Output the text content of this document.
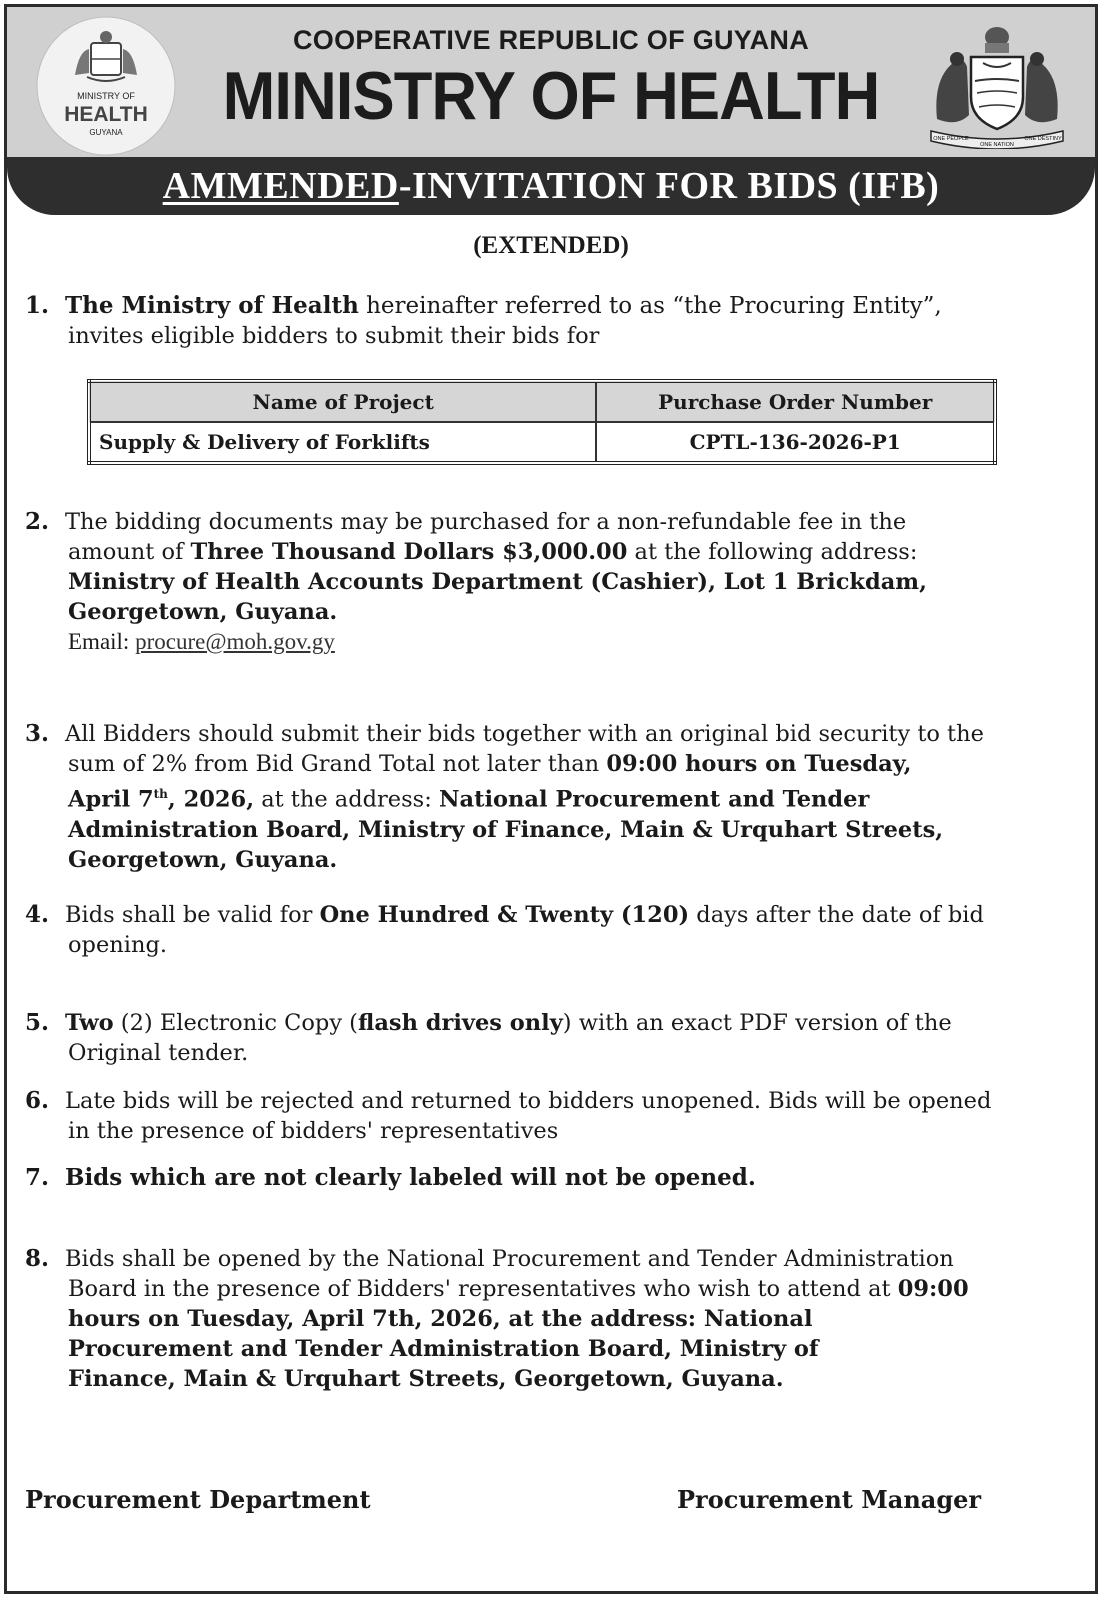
MINISTRY OF
HEALTH
GUYANA
COOPERATIVE REPUBLIC OF GUYANA
MINISTRY OF HEALTH
ONE PEOPLE
ONE NATION
ONE DESTINY
AMMENDED-INVITATION FOR BIDS (IFB)
(EXTENDED)
1. The Ministry of Health hereinafter referred to as “the Procuring Entity”,
invites eligible bidders to submit their bids for
Name of Project	Purchase Order Number
Supply & Delivery of Forklifts	CPTL-136-2026-P1
2. The bidding documents may be purchased for a non-refundable fee in the
amount of Three Thousand Dollars $3,000.00 at the following address:
Ministry of Health Accounts Department (Cashier), Lot 1 Brickdam,
Georgetown, Guyana.
Email: procure@moh.gov.gy
3. All Bidders should submit their bids together with an original bid security to the
sum of 2% from Bid Grand Total not later than 09:00 hours on Tuesday,
April 7th, 2026, at the address: National Procurement and Tender
Administration Board, Ministry of Finance, Main & Urquhart Streets,
Georgetown, Guyana.
4. Bids shall be valid for One Hundred & Twenty (120) days after the date of bid
opening.
5. Two (2) Electronic Copy (flash drives only) with an exact PDF version of the
Original tender.
6. Late bids will be rejected and returned to bidders unopened. Bids will be opened
in the presence of bidders' representatives
7. Bids which are not clearly labeled will not be opened.
8. Bids shall be opened by the National Procurement and Tender Administration
Board in the presence of Bidders' representatives who wish to attend at 09:00
hours on Tuesday, April 7th, 2026, at the address: National
Procurement and Tender Administration Board, Ministry of
Finance, Main & Urquhart Streets, Georgetown, Guyana.
Procurement Department	Procurement Manager
